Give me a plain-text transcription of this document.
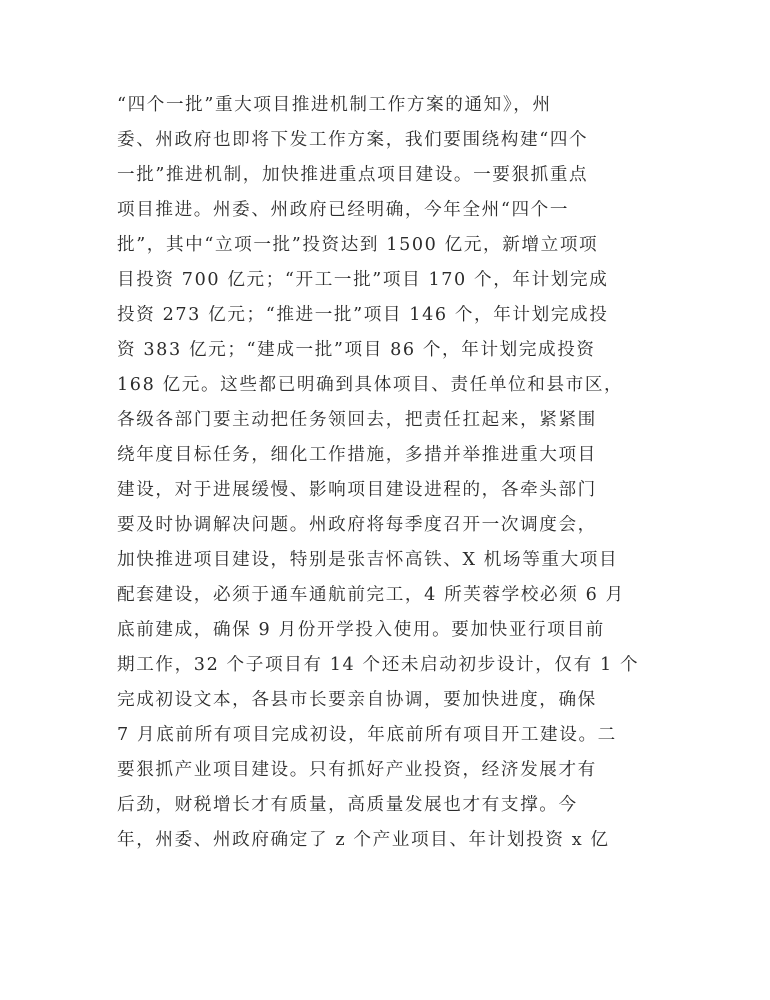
“四个一批”重大项目推进机制工作方案的通知》，州
委、州政府也即将下发工作方案，我们要围绕构建“四个
一批”推进机制，加快推进重点项目建设。一要狠抓重点
项目推进。州委、州政府已经明确，今年全州“四个一
批”，其中“立项一批”投资达到 1500 亿元，新增立项项
目投资 700 亿元；“开工一批”项目 170 个，年计划完成
投资 273 亿元；“推进一批”项目 146 个，年计划完成投
资 383 亿元；“建成一批”项目 86 个，年计划完成投资
168 亿元。这些都已明确到具体项目、责任单位和县市区，
各级各部门要主动把任务领回去，把责任扛起来，紧紧围
绕年度目标任务，细化工作措施，多措并举推进重大项目
建设，对于进展缓慢、影响项目建设进程的，各牵头部门
要及时协调解决问题。州政府将每季度召开一次调度会，
加快推进项目建设，特别是张吉怀高铁、X 机场等重大项目
配套建设，必须于通车通航前完工，4 所芙蓉学校必须 6 月
底前建成，确保 9 月份开学投入使用。要加快亚行项目前
期工作，32 个子项目有 14 个还未启动初步设计，仅有 1 个
完成初设文本，各县市长要亲自协调，要加快进度，确保
7 月底前所有项目完成初设，年底前所有项目开工建设。二
要狠抓产业项目建设。只有抓好产业投资，经济发展才有
后劲，财税增长才有质量，高质量发展也才有支撑。今
年，州委、州政府确定了 z 个产业项目、年计划投资 x 亿
